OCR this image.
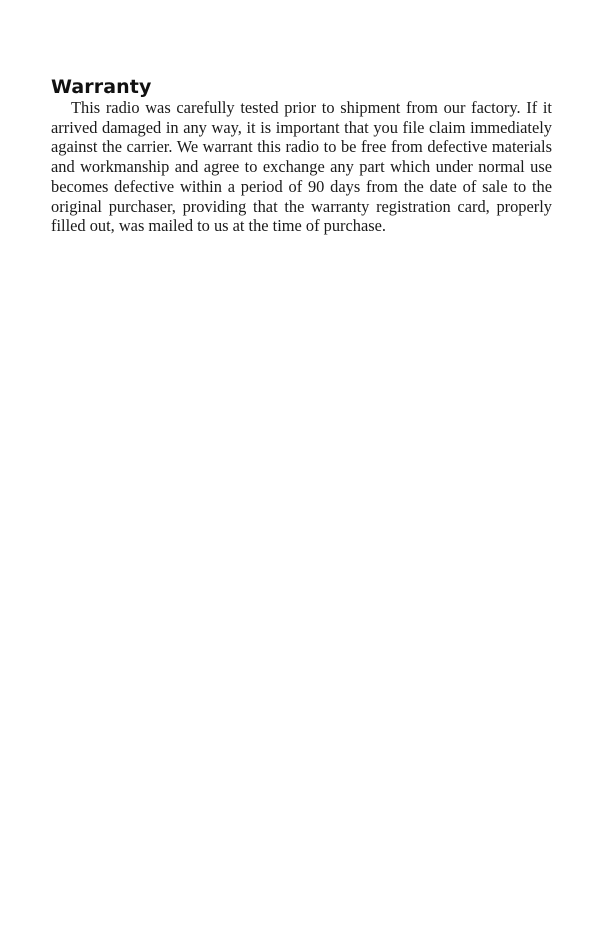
Warranty

This radio was carefully tested prior to shipment from our factory. If it arrived damaged in any way, it is important that you file claim immediately against the carrier. We warrant this radio to be free from defective materials and workmanship and agree to exchange any part which under normal use becomes defective within a period of 90 days from the date of sale to the original purchaser, providing that the warranty registration card, properly filled out, was mailed to us at the time of purchase.
